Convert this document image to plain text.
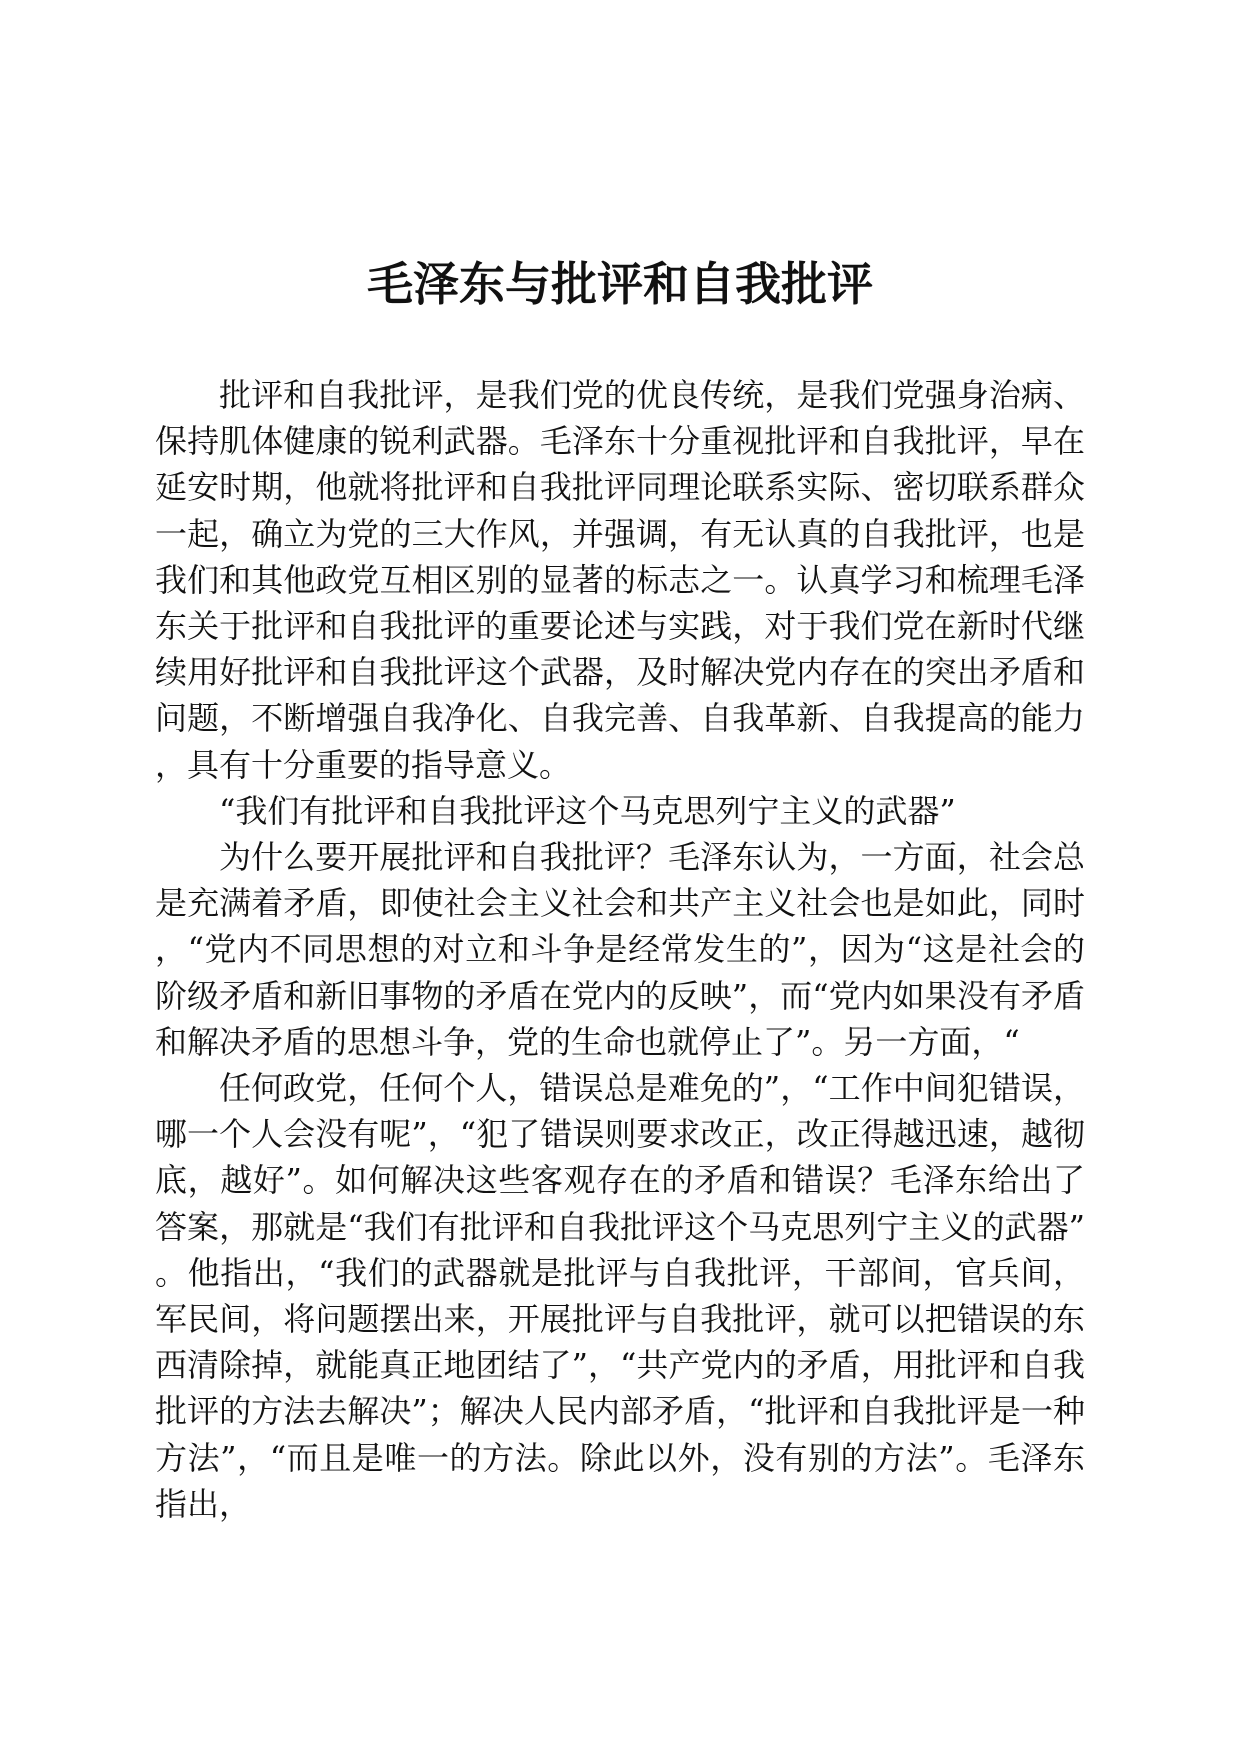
毛泽东与批评和自我批评

批评和自我批评，是我们党的优良传统，是我们党强身治病、保持肌体健康的锐利武器。毛泽东十分重视批评和自我批评，早在延安时期，他就将批评和自我批评同理论联系实际、密切联系群众一起，确立为党的三大作风，并强调，有无认真的自我批评，也是我们和其他政党互相区别的显著的标志之一。认真学习和梳理毛泽东关于批评和自我批评的重要论述与实践，对于我们党在新时代继续用好批评和自我批评这个武器，及时解决党内存在的突出矛盾和问题，不断增强自我净化、自我完善、自我革新、自我提高的能力，具有十分重要的指导意义。

“我们有批评和自我批评这个马克思列宁主义的武器”

为什么要开展批评和自我批评？毛泽东认为，一方面，社会总是充满着矛盾，即使社会主义社会和共产主义社会也是如此，同时，“党内不同思想的对立和斗争是经常发生的”，因为“这是社会的阶级矛盾和新旧事物的矛盾在党内的反映”，而“党内如果没有矛盾和解决矛盾的思想斗争，党的生命也就停止了”。另一方面，“

任何政党，任何个人，错误总是难免的”，“工作中间犯错误，哪一个人会没有呢”，“犯了错误则要求改正，改正得越迅速，越彻底，越好”。如何解决这些客观存在的矛盾和错误？毛泽东给出了答案，那就是“我们有批评和自我批评这个马克思列宁主义的武器”。他指出，“我们的武器就是批评与自我批评，干部间，官兵间，军民间，将问题摆出来，开展批评与自我批评，就可以把错误的东西清除掉，就能真正地团结了”，“共产党内的矛盾，用批评和自我批评的方法去解决”；解决人民内部矛盾，“批评和自我批评是一种方法”，“而且是唯一的方法。除此以外，没有别的方法”。毛泽东指出，
